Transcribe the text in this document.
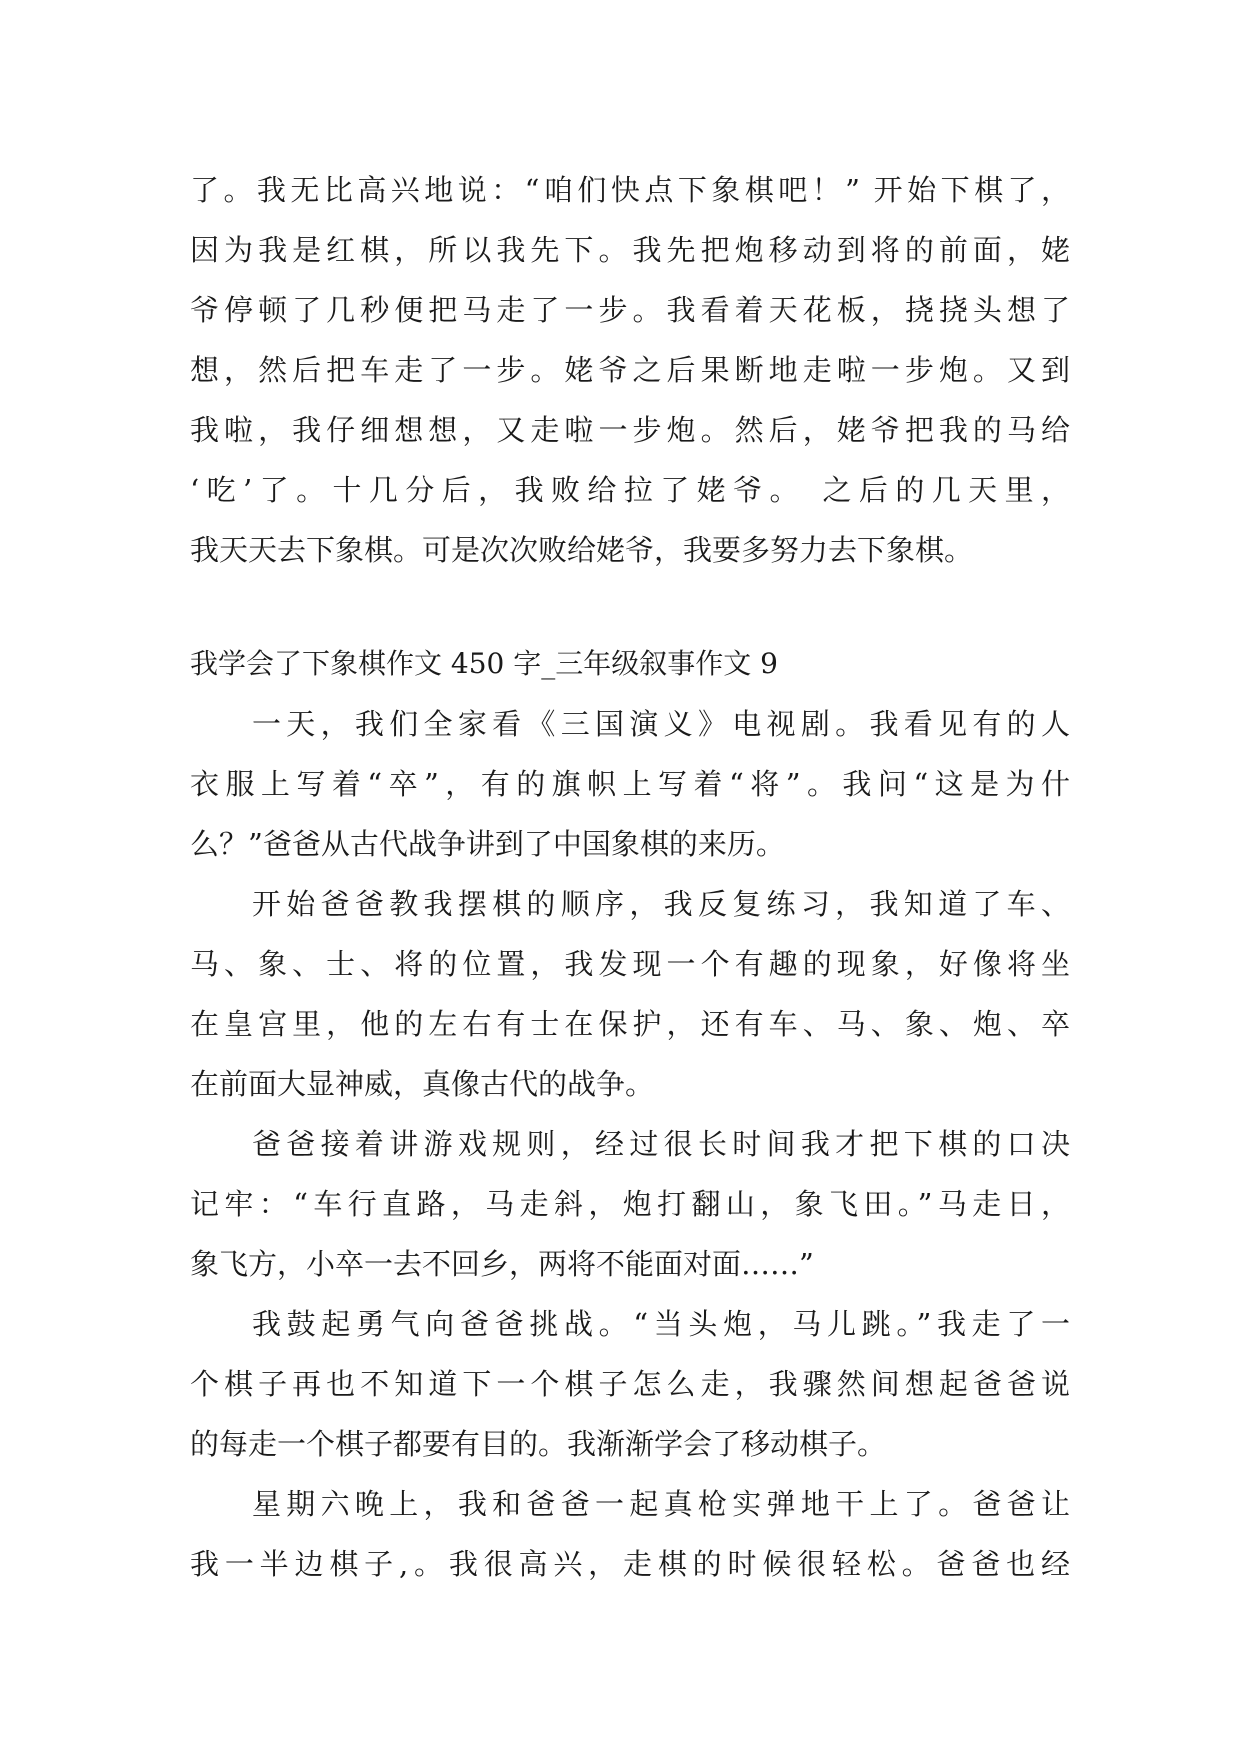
了。我无比高兴地说：“咱们快点下象棋吧！” 开始下棋了，
因为我是红棋，所以我先下。我先把炮移动到将的前面，姥
爷停顿了几秒便把马走了一步。我看着天花板，挠挠头想了
想，然后把车走了一步。姥爷之后果断地走啦一步炮。又到
我啦，我仔细想想，又走啦一步炮。然后，姥爷把我的马给
‘吃’了。十几分后，我败给拉了姥爷。 之后的几天里，
我天天去下象棋。可是次次败给姥爷，我要多努力去下象棋。
我学会了下象棋作文 450 字_三年级叙事作文 9
一天，我们全家看《三国演义》电视剧。我看见有的人
衣服上写着“卒”，有的旗帜上写着“将”。我问“这是为什
么？”爸爸从古代战争讲到了中国象棋的来历。
开始爸爸教我摆棋的顺序，我反复练习，我知道了车、
马、象、士、将的位置，我发现一个有趣的现象，好像将坐
在皇宫里，他的左右有士在保护，还有车、马、象、炮、卒
在前面大显神威，真像古代的战争。
爸爸接着讲游戏规则，经过很长时间我才把下棋的口决
记牢：“车行直路，马走斜，炮打翻山，象飞田。”马走日，
象飞方，小卒一去不回乡，两将不能面对面……”
我鼓起勇气向爸爸挑战。“当头炮，马儿跳。”我走了一
个棋子再也不知道下一个棋子怎么走，我骤然间想起爸爸说
的每走一个棋子都要有目的。我渐渐学会了移动棋子。
星期六晚上，我和爸爸一起真枪实弹地干上了。爸爸让
我一半边棋子,。我很高兴，走棋的时候很轻松。爸爸也经
